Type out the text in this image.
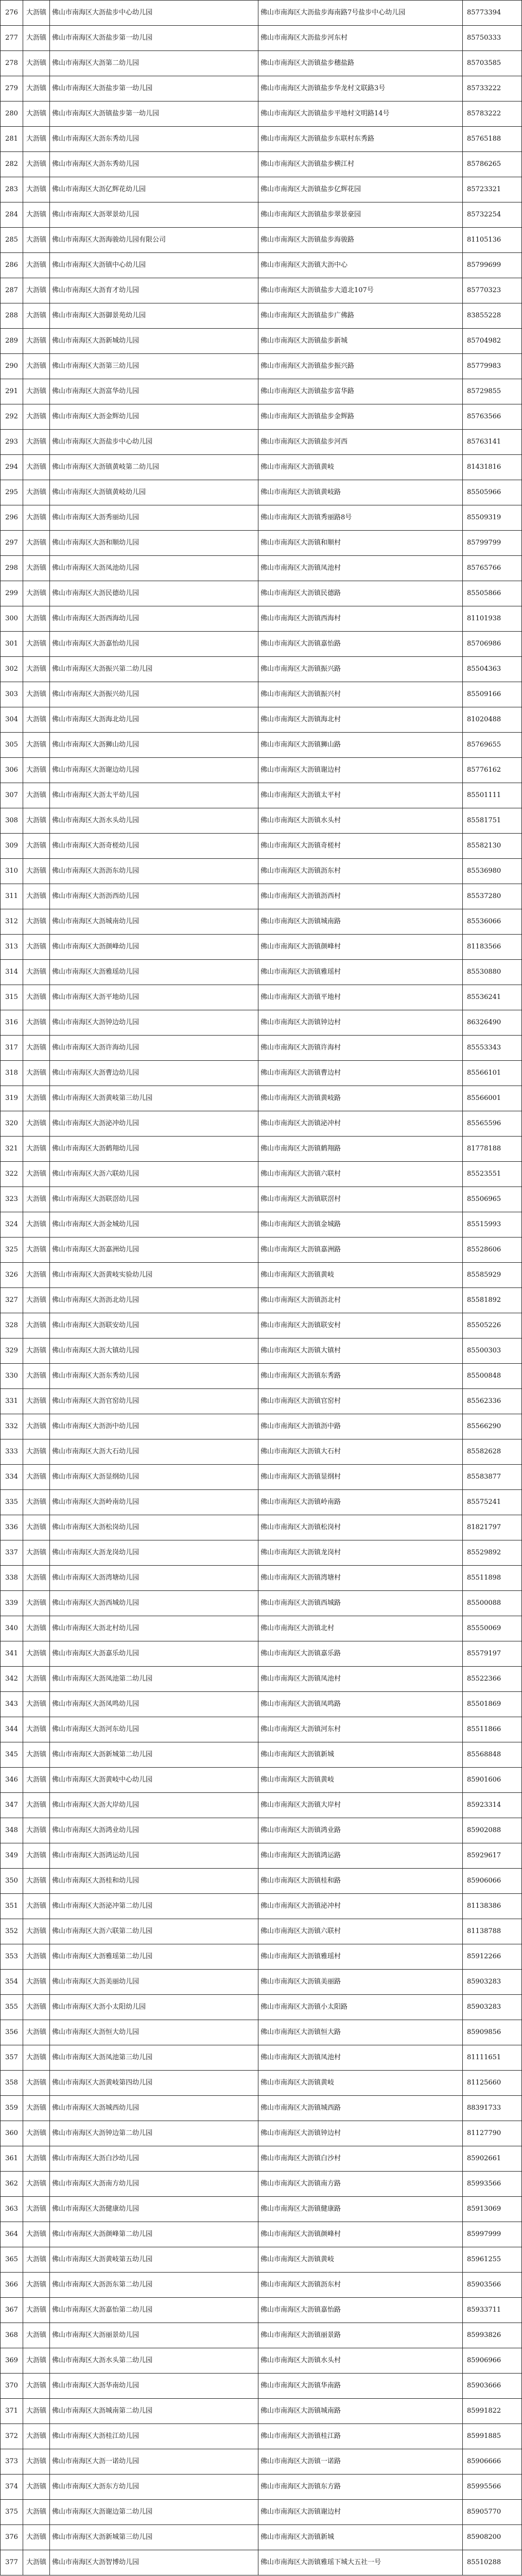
276	大沥镇	佛山市南海区大沥盐步中心幼儿园	佛山市南海区大沥盐步海南路7号盐步中心幼儿园	85773394
277	大沥镇	佛山市南海区大沥盐步第一幼儿园	佛山市南海区大沥盐步河东村	85750333
278	大沥镇	佛山市南海区大沥第二幼儿园	佛山市南海区大沥镇盐步穗盐路	85703585
279	大沥镇	佛山市南海区大沥盐步第一幼儿园	佛山市南海区大沥镇盐步华龙村文联路3号	85733222
280	大沥镇	佛山市南海区大沥镇盐步第一幼儿园	佛山市南海区大沥镇盐步平地村文明路14号	85783222
281	大沥镇	佛山市南海区大沥东秀幼儿园	佛山市南海区大沥镇盐步东联村东秀路	85765188
282	大沥镇	佛山市南海区大沥东秀幼儿园	佛山市南海区大沥镇盐步横江村	85786265
283	大沥镇	佛山市南海区大沥亿辉花幼儿园	佛山市南海区大沥镇盐步亿辉花园	85723321
284	大沥镇	佛山市南海区大沥翠景幼儿园	佛山市南海区大沥镇盐步翠景豪园	85732254
285	大沥镇	佛山市南海区大沥海骏幼儿园有限公司	佛山市南海区大沥镇盐步海骏路	81105136
286	大沥镇	佛山市南海区大沥镇中心幼儿园	佛山市南海区大沥镇大沥中心	85799699
287	大沥镇	佛山市南海区大沥育才幼儿园	佛山市南海区大沥镇盐步大道北107号	85770323
288	大沥镇	佛山市南海区大沥御景苑幼儿园	佛山市南海区大沥镇盐步广佛路	83855228
289	大沥镇	佛山市南海区大沥新城幼儿园	佛山市南海区大沥镇盐步新城	85704982
290	大沥镇	佛山市南海区大沥第三幼儿园	佛山市南海区大沥镇盐步振兴路	85779983
291	大沥镇	佛山市南海区大沥富华幼儿园	佛山市南海区大沥镇盐步富华路	85729855
292	大沥镇	佛山市南海区大沥金辉幼儿园	佛山市南海区大沥镇盐步金辉路	85763566
293	大沥镇	佛山市南海区大沥盐步中心幼儿园	佛山市南海区大沥镇盐步河西	85763141
294	大沥镇	佛山市南海区大沥镇黄岐第二幼儿园	佛山市南海区大沥镇黄岐	81431816
295	大沥镇	佛山市南海区大沥镇黄岐幼儿园	佛山市南海区大沥镇黄岐路	85505966
296	大沥镇	佛山市南海区大沥秀丽幼儿园	佛山市南海区大沥镇秀丽路8号	85509319
297	大沥镇	佛山市南海区大沥和顺幼儿园	佛山市南海区大沥镇和顺村	85799799
298	大沥镇	佛山市南海区大沥凤池幼儿园	佛山市南海区大沥镇凤池村	85765766
299	大沥镇	佛山市南海区大沥民德幼儿园	佛山市南海区大沥镇民德路	85505866
300	大沥镇	佛山市南海区大沥西海幼儿园	佛山市南海区大沥镇西海村	81101938
301	大沥镇	佛山市南海区大沥嘉怡幼儿园	佛山市南海区大沥镇嘉怡路	85706986
302	大沥镇	佛山市南海区大沥振兴第二幼儿园	佛山市南海区大沥镇振兴路	85504363
303	大沥镇	佛山市南海区大沥振兴幼儿园	佛山市南海区大沥镇振兴村	85509166
304	大沥镇	佛山市南海区大沥海北幼儿园	佛山市南海区大沥镇海北村	81020488
305	大沥镇	佛山市南海区大沥狮山幼儿园	佛山市南海区大沥镇狮山路	85769655
306	大沥镇	佛山市南海区大沥谢边幼儿园	佛山市南海区大沥镇谢边村	85776162
307	大沥镇	佛山市南海区大沥太平幼儿园	佛山市南海区大沥镇太平村	85501111
308	大沥镇	佛山市南海区大沥水头幼儿园	佛山市南海区大沥镇水头村	85581751
309	大沥镇	佛山市南海区大沥奇槎幼儿园	佛山市南海区大沥镇奇槎村	85582130
310	大沥镇	佛山市南海区大沥沥东幼儿园	佛山市南海区大沥镇沥东村	85536980
311	大沥镇	佛山市南海区大沥沥西幼儿园	佛山市南海区大沥镇沥西村	85537280
312	大沥镇	佛山市南海区大沥城南幼儿园	佛山市南海区大沥镇城南路	85536066
313	大沥镇	佛山市南海区大沥颜峰幼儿园	佛山市南海区大沥镇颜峰村	81183566
314	大沥镇	佛山市南海区大沥雅瑶幼儿园	佛山市南海区大沥镇雅瑶村	85530880
315	大沥镇	佛山市南海区大沥平地幼儿园	佛山市南海区大沥镇平地村	85536241
316	大沥镇	佛山市南海区大沥钟边幼儿园	佛山市南海区大沥镇钟边村	86326490
317	大沥镇	佛山市南海区大沥许海幼儿园	佛山市南海区大沥镇许海村	85553343
318	大沥镇	佛山市南海区大沥曹边幼儿园	佛山市南海区大沥镇曹边村	85566101
319	大沥镇	佛山市南海区大沥黄岐第三幼儿园	佛山市南海区大沥镇黄岐路	85566001
320	大沥镇	佛山市南海区大沥泌冲幼儿园	佛山市南海区大沥镇泌冲村	85565596
321	大沥镇	佛山市南海区大沥鹤翔幼儿园	佛山市南海区大沥镇鹤翔路	81778188
322	大沥镇	佛山市南海区大沥六联幼儿园	佛山市南海区大沥镇六联村	85523551
323	大沥镇	佛山市南海区大沥联滘幼儿园	佛山市南海区大沥镇联滘村	85506965
324	大沥镇	佛山市南海区大沥金城幼儿园	佛山市南海区大沥镇金城路	85515993
325	大沥镇	佛山市南海区大沥嘉洲幼儿园	佛山市南海区大沥镇嘉洲路	85528606
326	大沥镇	佛山市南海区大沥黄岐实验幼儿园	佛山市南海区大沥镇黄岐	85585929
327	大沥镇	佛山市南海区大沥沥北幼儿园	佛山市南海区大沥镇沥北村	85581892
328	大沥镇	佛山市南海区大沥联安幼儿园	佛山市南海区大沥镇联安村	85505226
329	大沥镇	佛山市南海区大沥大镇幼儿园	佛山市南海区大沥镇大镇村	85500303
330	大沥镇	佛山市南海区大沥东秀幼儿园	佛山市南海区大沥镇东秀路	85500848
331	大沥镇	佛山市南海区大沥官窑幼儿园	佛山市南海区大沥镇官窑村	85562336
332	大沥镇	佛山市南海区大沥沥中幼儿园	佛山市南海区大沥镇沥中路	85566290
333	大沥镇	佛山市南海区大沥大石幼儿园	佛山市南海区大沥镇大石村	85582628
334	大沥镇	佛山市南海区大沥显纲幼儿园	佛山市南海区大沥镇显纲村	85583877
335	大沥镇	佛山市南海区大沥岭南幼儿园	佛山市南海区大沥镇岭南路	85575241
336	大沥镇	佛山市南海区大沥松岗幼儿园	佛山市南海区大沥镇松岗村	81821797
337	大沥镇	佛山市南海区大沥龙岗幼儿园	佛山市南海区大沥镇龙岗村	85529892
338	大沥镇	佛山市南海区大沥湾塘幼儿园	佛山市南海区大沥镇湾塘村	85511898
339	大沥镇	佛山市南海区大沥西城幼儿园	佛山市南海区大沥镇西城路	85500088
340	大沥镇	佛山市南海区大沥北村幼儿园	佛山市南海区大沥镇北村	85550069
341	大沥镇	佛山市南海区大沥嘉乐幼儿园	佛山市南海区大沥镇嘉乐路	85579197
342	大沥镇	佛山市南海区大沥凤池第二幼儿园	佛山市南海区大沥镇凤池村	85522366
343	大沥镇	佛山市南海区大沥凤鸣幼儿园	佛山市南海区大沥镇凤鸣路	85501869
344	大沥镇	佛山市南海区大沥河东幼儿园	佛山市南海区大沥镇河东村	85511866
345	大沥镇	佛山市南海区大沥新城第二幼儿园	佛山市南海区大沥镇新城	85568848
346	大沥镇	佛山市南海区大沥黄岐中心幼儿园	佛山市南海区大沥镇黄岐	85901606
347	大沥镇	佛山市南海区大沥大岸幼儿园	佛山市南海区大沥镇大岸村	85923314
348	大沥镇	佛山市南海区大沥鸿业幼儿园	佛山市南海区大沥镇鸿业路	85902088
349	大沥镇	佛山市南海区大沥鸿运幼儿园	佛山市南海区大沥镇鸿运路	85929617
350	大沥镇	佛山市南海区大沥桂和幼儿园	佛山市南海区大沥镇桂和路	85906066
351	大沥镇	佛山市南海区大沥泌冲第二幼儿园	佛山市南海区大沥镇泌冲村	81138386
352	大沥镇	佛山市南海区大沥六联第二幼儿园	佛山市南海区大沥镇六联村	81138788
353	大沥镇	佛山市南海区大沥雅瑶第二幼儿园	佛山市南海区大沥镇雅瑶村	85912266
354	大沥镇	佛山市南海区大沥美丽幼儿园	佛山市南海区大沥镇美丽路	85903283
355	大沥镇	佛山市南海区大沥小太阳幼儿园	佛山市南海区大沥镇小太阳路	85903283
356	大沥镇	佛山市南海区大沥恒大幼儿园	佛山市南海区大沥镇恒大路	85909856
357	大沥镇	佛山市南海区大沥凤池第三幼儿园	佛山市南海区大沥镇凤池村	81111651
358	大沥镇	佛山市南海区大沥黄岐第四幼儿园	佛山市南海区大沥镇黄岐	81125660
359	大沥镇	佛山市南海区大沥城西幼儿园	佛山市南海区大沥镇城西路	88391733
360	大沥镇	佛山市南海区大沥钟边第二幼儿园	佛山市南海区大沥镇钟边村	81127790
361	大沥镇	佛山市南海区大沥白沙幼儿园	佛山市南海区大沥镇白沙村	85902661
362	大沥镇	佛山市南海区大沥南方幼儿园	佛山市南海区大沥镇南方路	85993566
363	大沥镇	佛山市南海区大沥健康幼儿园	佛山市南海区大沥镇健康路	85913069
364	大沥镇	佛山市南海区大沥颜峰第二幼儿园	佛山市南海区大沥镇颜峰村	85997999
365	大沥镇	佛山市南海区大沥黄岐第五幼儿园	佛山市南海区大沥镇黄岐	85961255
366	大沥镇	佛山市南海区大沥沥东第二幼儿园	佛山市南海区大沥镇沥东村	85903566
367	大沥镇	佛山市南海区大沥嘉怡第二幼儿园	佛山市南海区大沥镇嘉怡路	85933711
368	大沥镇	佛山市南海区大沥丽景幼儿园	佛山市南海区大沥镇丽景路	85993826
369	大沥镇	佛山市南海区大沥水头第二幼儿园	佛山市南海区大沥镇水头村	85906966
370	大沥镇	佛山市南海区大沥华南幼儿园	佛山市南海区大沥镇华南路	85903666
371	大沥镇	佛山市南海区大沥城南第二幼儿园	佛山市南海区大沥镇城南路	85991822
372	大沥镇	佛山市南海区大沥桂江幼儿园	佛山市南海区大沥镇桂江路	85991885
373	大沥镇	佛山市南海区大沥一诺幼儿园	佛山市南海区大沥镇一诺路	85906666
374	大沥镇	佛山市南海区大沥东方幼儿园	佛山市南海区大沥镇东方路	85995566
375	大沥镇	佛山市南海区大沥谢边第二幼儿园	佛山市南海区大沥镇谢边村	85905770
376	大沥镇	佛山市南海区大沥新城第三幼儿园	佛山市南海区大沥镇新城	85908200
377	大沥镇	佛山市南海区大沥智博幼儿园	佛山市南海区大沥镇雅瑶下城大五社一号	85510288
